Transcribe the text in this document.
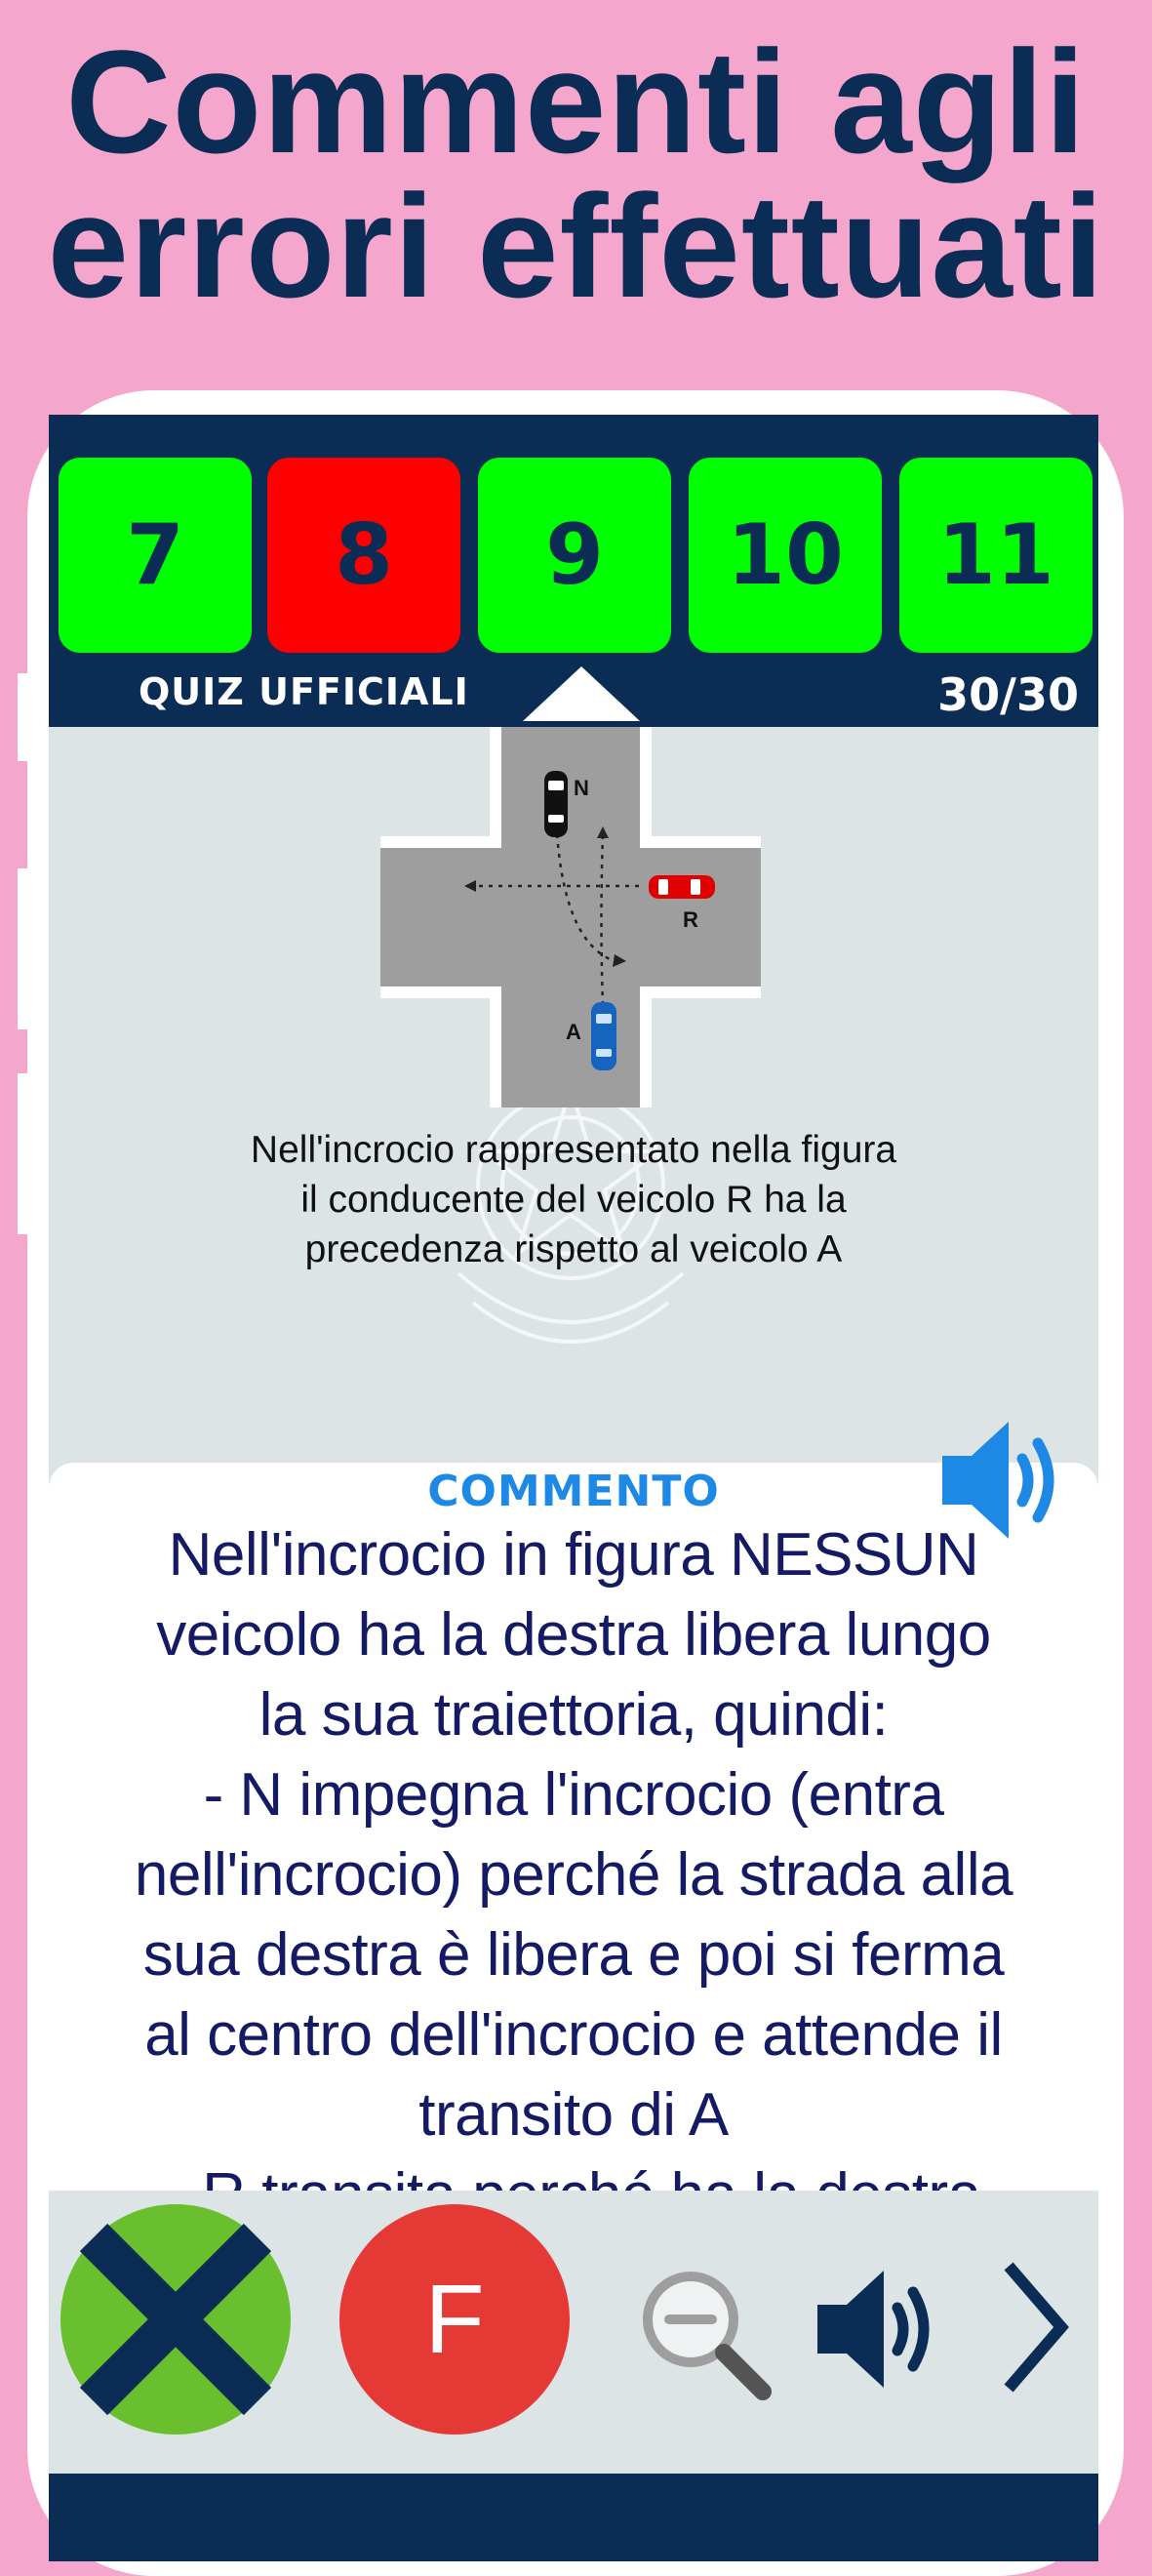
Commenti agli
errori effettuati
7 8 9 10 11
QUIZ UFFICIALI	30/30
N
R
A
Nell'incrocio rappresentato nella figura il conducente del veicolo R ha la precedenza rispetto al veicolo A
COMMENTO
Nell'incrocio in figura NESSUN
veicolo ha la destra libera lungo
la sua traiettoria, quindi:
- N impegna l'incrocio (entra
nell'incrocio) perché la strada alla
sua destra è libera e poi si ferma
al centro dell'incrocio e attende il
transito di A
F
